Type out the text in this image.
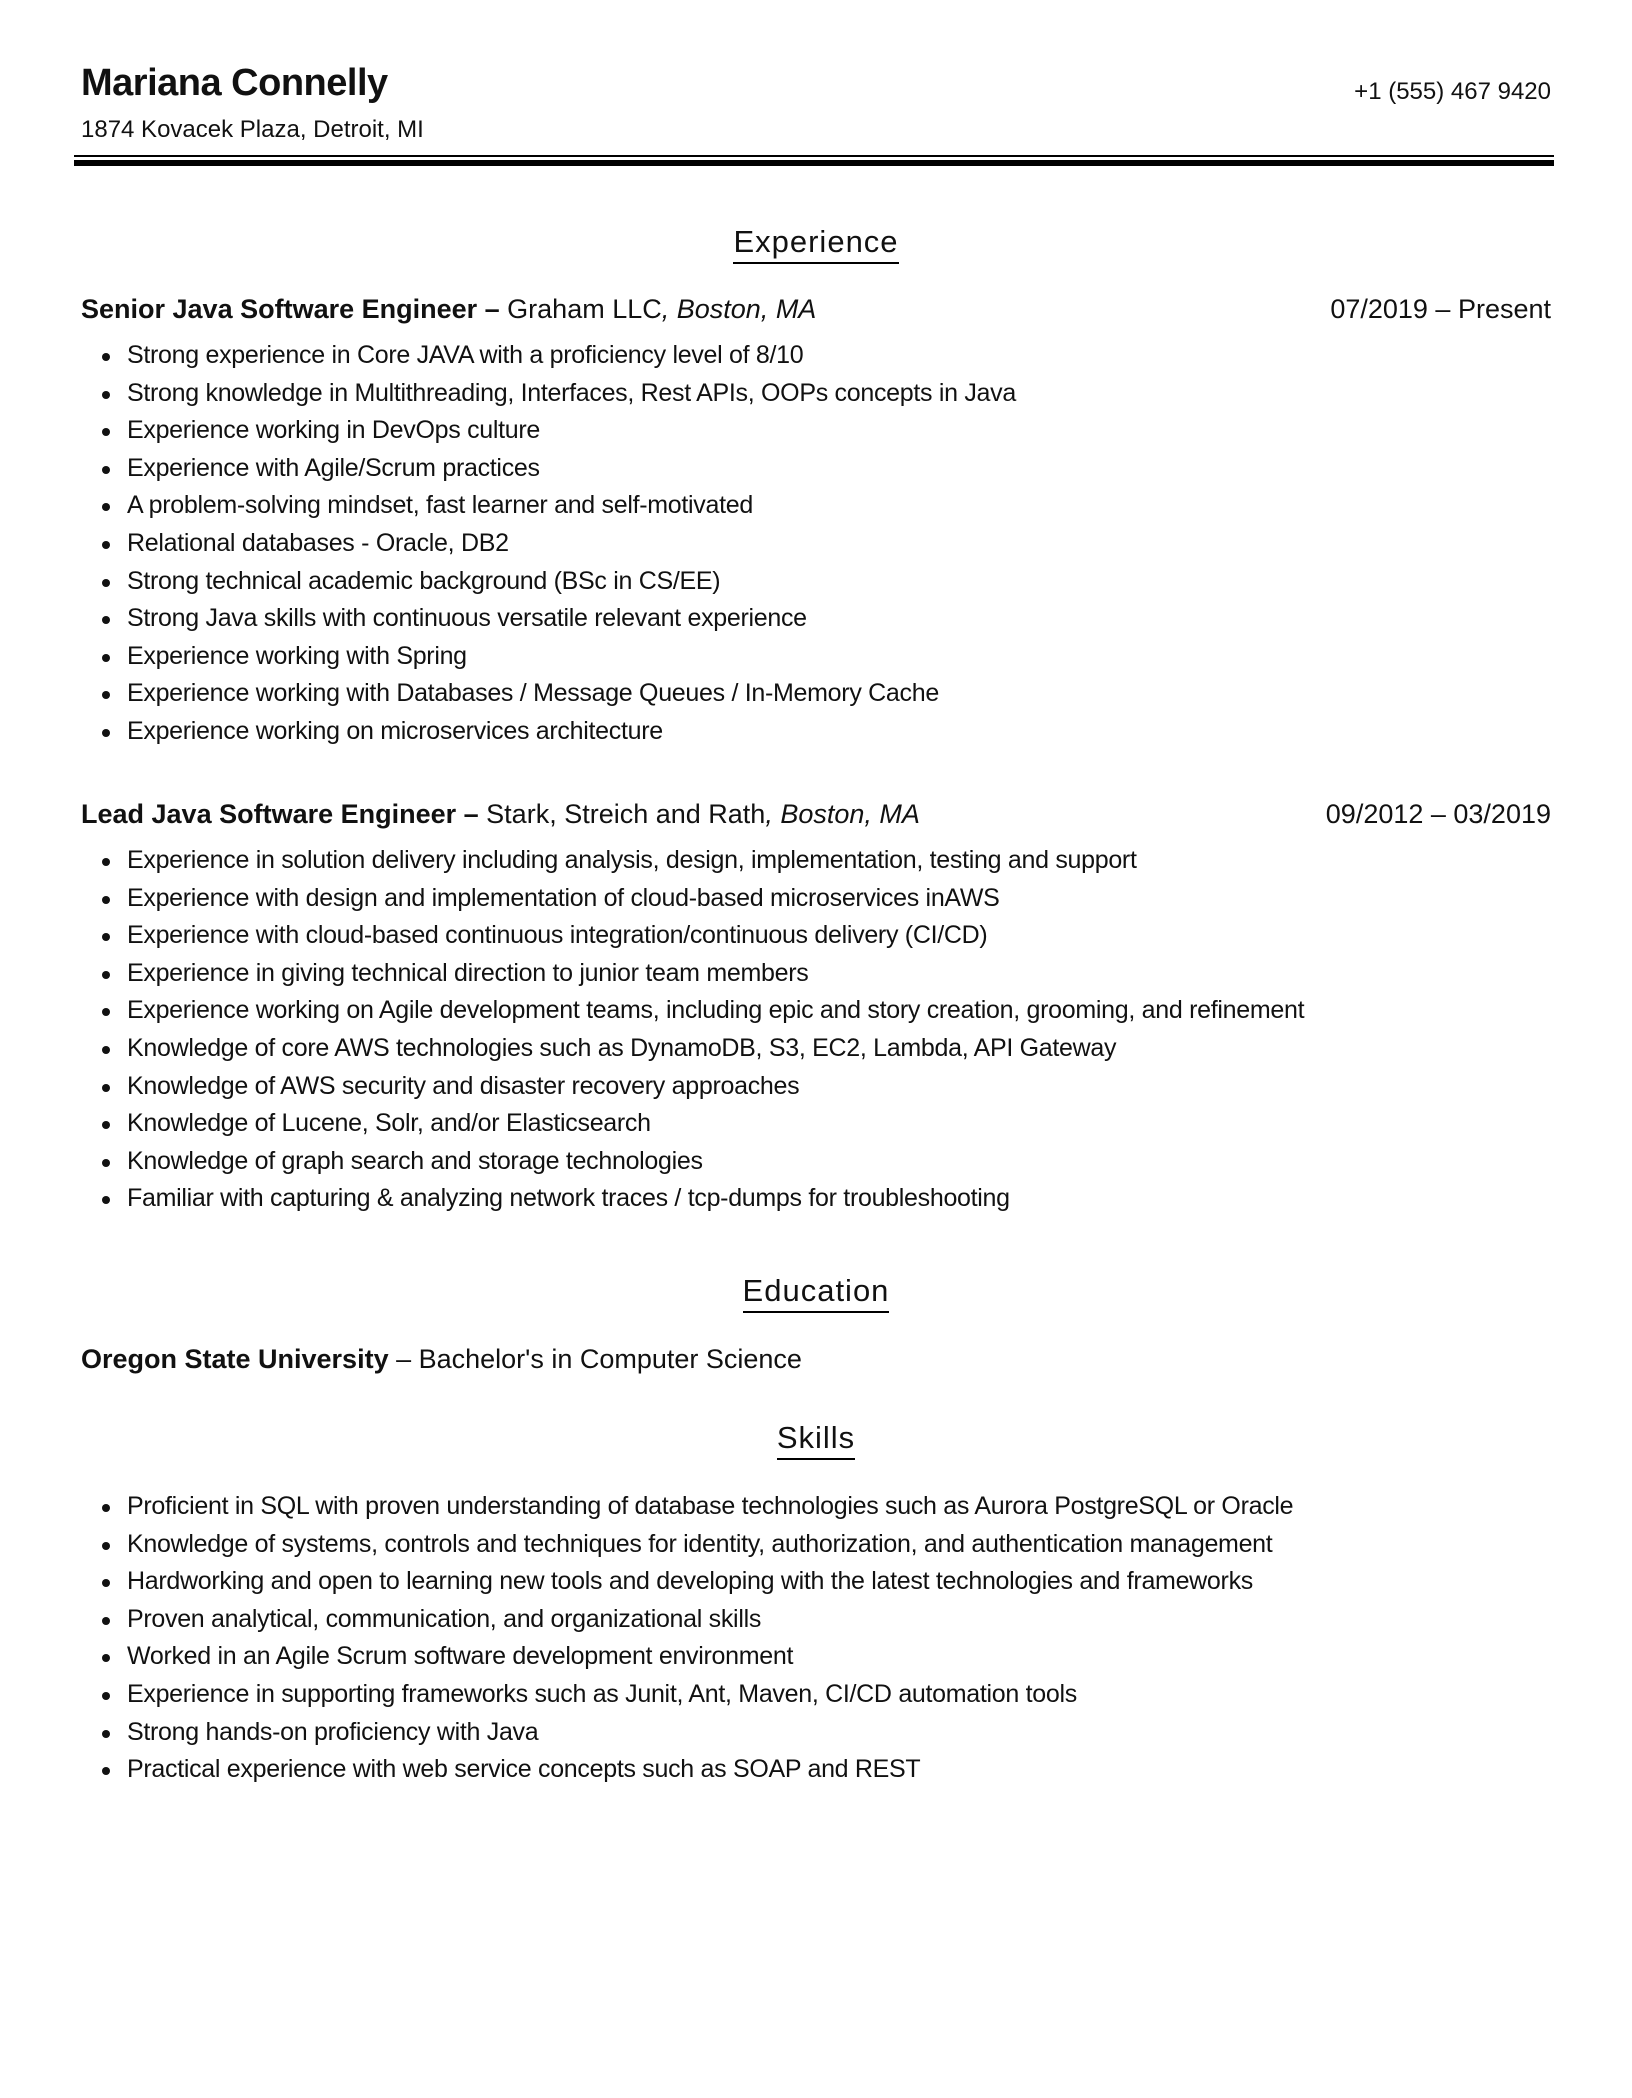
Mariana Connelly
1874 Kovacek Plaza, Detroit, MI
+1 (555) 467 9420
Experience
Senior Java Software Engineer – Graham LLC, Boston, MA	07/2019 – Present
Strong experience in Core JAVA with a proficiency level of 8/10
Strong knowledge in Multithreading, Interfaces, Rest APIs, OOPs concepts in Java
Experience working in DevOps culture
Experience with Agile/Scrum practices
A problem-solving mindset, fast learner and self-motivated
Relational databases - Oracle, DB2
Strong technical academic background (BSc in CS/EE)
Strong Java skills with continuous versatile relevant experience
Experience working with Spring
Experience working with Databases / Message Queues / In-Memory Cache
Experience working on microservices architecture
Lead Java Software Engineer – Stark, Streich and Rath, Boston, MA	09/2012 – 03/2019
Experience in solution delivery including analysis, design, implementation, testing and support
Experience with design and implementation of cloud-based microservices inAWS
Experience with cloud-based continuous integration/continuous delivery (CI/CD)
Experience in giving technical direction to junior team members
Experience working on Agile development teams, including epic and story creation, grooming, and refinement
Knowledge of core AWS technologies such as DynamoDB, S3, EC2, Lambda, API Gateway
Knowledge of AWS security and disaster recovery approaches
Knowledge of Lucene, Solr, and/or Elasticsearch
Knowledge of graph search and storage technologies
Familiar with capturing & analyzing network traces / tcp-dumps for troubleshooting
Education
Oregon State University – Bachelor's in Computer Science
Skills
Proficient in SQL with proven understanding of database technologies such as Aurora PostgreSQL or Oracle
Knowledge of systems, controls and techniques for identity, authorization, and authentication management
Hardworking and open to learning new tools and developing with the latest technologies and frameworks
Proven analytical, communication, and organizational skills
Worked in an Agile Scrum software development environment
Experience in supporting frameworks such as Junit, Ant, Maven, CI/CD automation tools
Strong hands-on proficiency with Java
Practical experience with web service concepts such as SOAP and REST
